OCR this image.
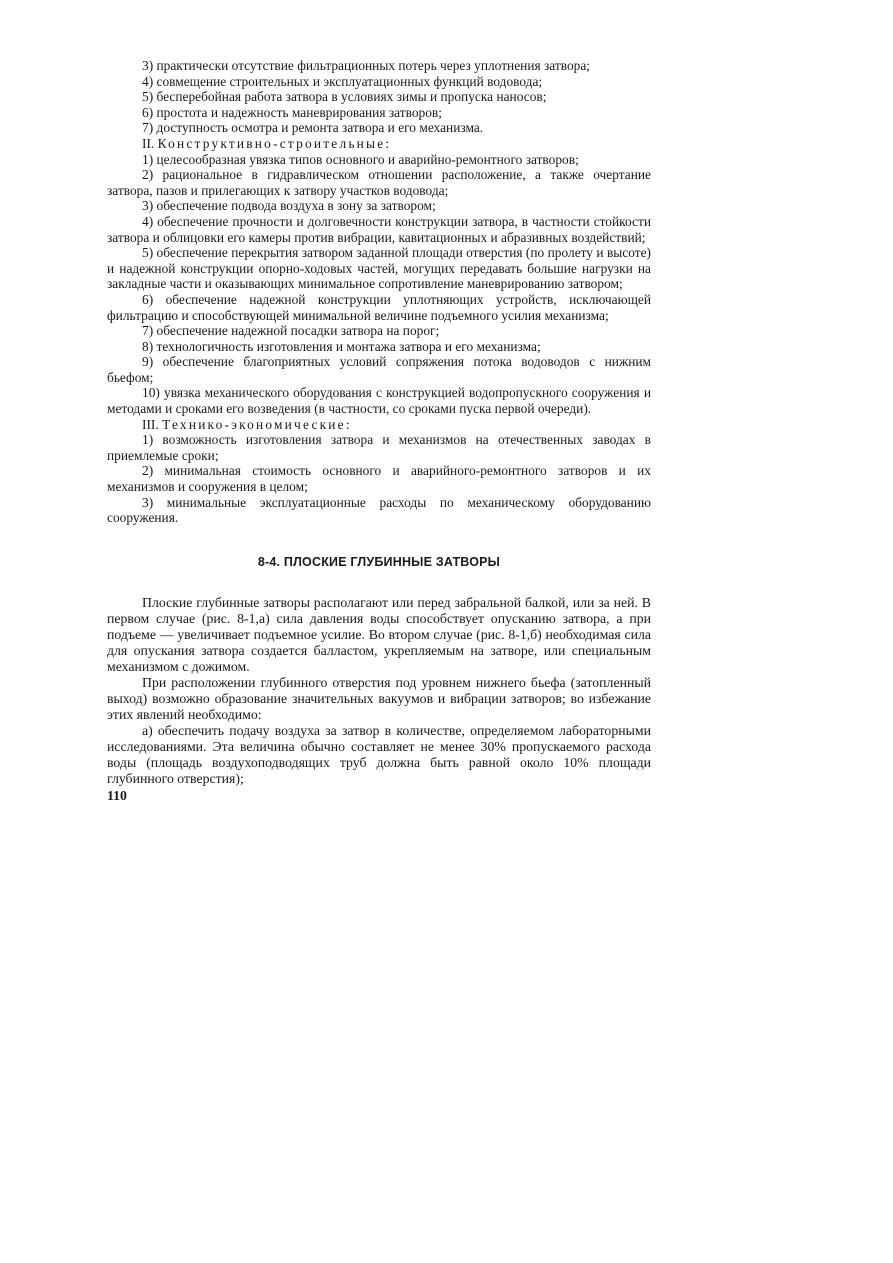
3) практически отсутствие фильтрационных потерь через уплотнения затвора;

4) совмещение строительных и эксплуатационных функций водовода;

5) бесперебойная работа затвора в условиях зимы и пропуска наносов;

6) простота и надежность маневрирования затворов;

7) доступность осмотра и ремонта затвора и его механизма.

II. Конструктивно-строительные:

1) целесообразная увязка типов основного и аварийно-ремонтного затворов;

2) рациональное в гидравлическом отношении расположение, а также очертание затвора, пазов и прилегающих к затвору участков водовода;

3) обеспечение подвода воздуха в зону за затвором;

4) обеспечение прочности и долговечности конструкции затвора, в частности стойкости затвора и облицовки его камеры против вибрации, кавитационных и абразивных воздействий;

5) обеспечение перекрытия затвором заданной площади отверстия (по пролету и высоте) и надежной конструкции опорно-ходовых частей, могущих передавать большие нагрузки на закладные части и оказывающих минимальное сопротивление маневрированию затвором;

6) обеспечение надежной конструкции уплотняющих устройств, исключающей фильтрацию и способствующей минимальной величине подъемного усилия механизма;

7) обеспечение надежной посадки затвора на порог;

8) технологичность изготовления и монтажа затвора и его механизма;

9) обеспечение благоприятных условий сопряжения потока водоводов с нижним бьефом;

10) увязка механического оборудования с конструкцией водопропускного сооружения и методами и сроками его возведения (в частности, со сроками пуска первой очереди).

III. Технико-экономические:

1) возможность изготовления затвора и механизмов на отечественных заводах в приемлемые сроки;

2) минимальная стоимость основного и аварийного-ремонтного затворов и их механизмов и сооружения в целом;

3) минимальные эксплуатационные расходы по механическому оборудованию сооружения.

8-4. ПЛОСКИЕ ГЛУБИННЫЕ ЗАТВОРЫ

Плоские глубинные затворы располагают или перед забральной балкой, или за ней. В первом случае (рис. 8-1,а) сила давления воды способствует опусканию затвора, а при подъеме — увеличивает подъемное усилие. Во втором случае (рис. 8-1,б) необходимая сила для опускания затвора создается балластом, укрепляемым на затворе, или специальным механизмом с дожимом.

При расположении глубинного отверстия под уровнем нижнего бьефа (затопленный выход) возможно образование значительных вакуумов и вибрации затворов; во избежание этих явлений необходимо:

а) обеспечить подачу воздуха за затвор в количестве, определяемом лабораторными исследованиями. Эта величина обычно составляет не менее 30% пропускаемого расхода воды (площадь воздухоподводящих труб должна быть равной около 10% площади глубинного отверстия);

110
